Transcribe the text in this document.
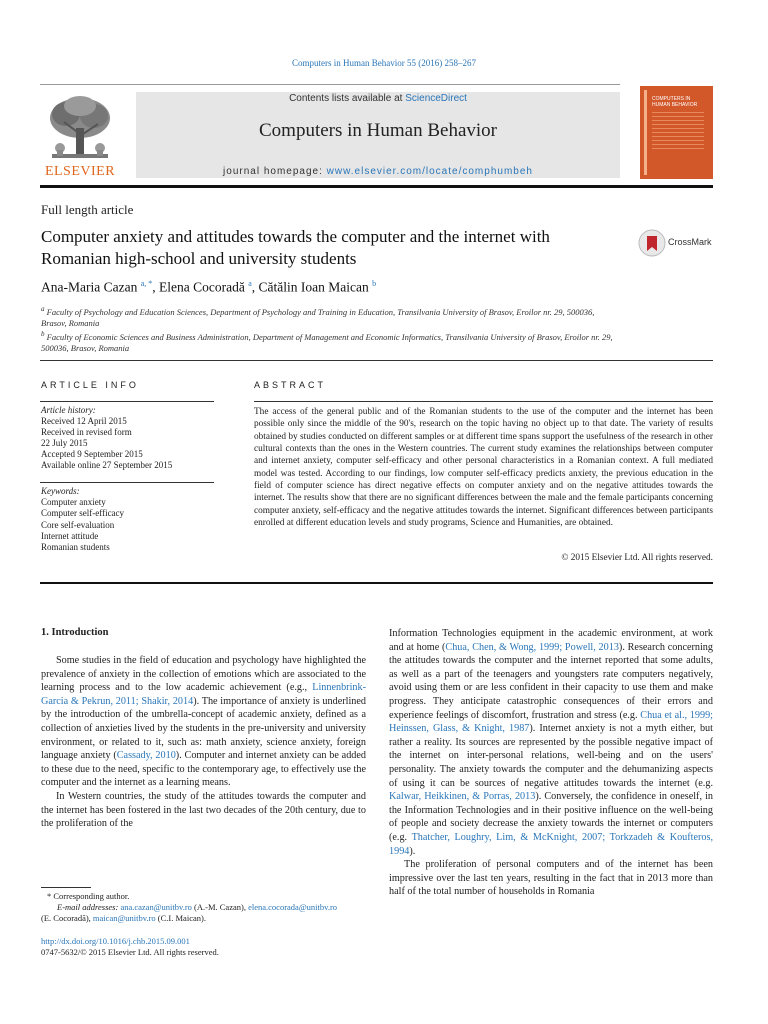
Computers in Human Behavior 55 (2016) 258–267
ELSEVIER
Contents lists available at ScienceDirect
Computers in Human Behavior
journal homepage: www.elsevier.com/locate/comphumbeh
COMPUTERS IN
HUMAN BEHAVIOR
Full length article
Computer anxiety and attitudes towards the computer and the internet with Romanian high-school and university students
CrossMark
Ana-Maria Cazan $^{a, *}$, Elena Cocoradă $^a$, Cătălin Ioan Maican $^b$
$^a$ Faculty of Psychology and Education Sciences, Department of Psychology and Training in Education, Transilvania University of Brasov, Eroilor nr. 29, 500036, Brasov, Romania
$^b$ Faculty of Economic Sciences and Business Administration, Department of Management and Economic Informatics, Transilvania University of Brasov, Eroilor nr. 29, 500036, Brasov, Romania
ARTICLE INFO	ABSTRACT
Article history:
Received 12 April 2015
Received in revised form
22 July 2015
Accepted 9 September 2015
Available online 27 September 2015
Keywords:
Computer anxiety
Computer self-efficacy
Core self-evaluation
Internet attitude
Romanian students
The access of the general public and of the Romanian students to the use of the computer and the internet has been possible only since the middle of the 90's, research on the topic having no object up to that date. The variety of results obtained by studies conducted on different samples or at different time spans support the usefulness of the research in other cultural contexts than the ones in the Western countries. The current study examines the relationships between computer and internet anxiety, computer self-efficacy and other personal characteristics in a Romanian context. A full mediated model was tested. According to our findings, low computer self-efficacy predicts anxiety, the previous education in the field of computer science has direct negative effects on computer anxiety and on the negative attitudes towards the internet. The results show that there are no significant differences between the male and the female participants concerning computer anxiety, self-efficacy and the negative attitudes towards the internet. Significant differences between participants enrolled at different education levels and study programs, Science and Humanities, are obtained.
© 2015 Elsevier Ltd. All rights reserved.
1. Introduction

Some studies in the field of education and psychology have highlighted the prevalence of anxiety in the collection of emotions which are associated to the learning process and to the low academic achievement (e.g., Linnenbrink-Garcia & Pekrun, 2011; Shakir, 2014). The importance of anxiety is underlined by the introduction of the umbrella-concept of academic anxiety, defined as a collection of anxieties lived by the students in the pre-university and university environment, or related to it, such as: math anxiety, science anxiety, foreign language anxiety (Cassady, 2010). Computer and internet anxiety can be added to these due to the need, specific to the contemporary age, to effectively use the computer and the internet as a learning means.

In Western countries, the study of the attitudes towards the computer and the internet has been fostered in the last two decades of the 20th century, due to the proliferation of the

Information Technologies equipment in the academic environment, at work and at home (Chua, Chen, & Wong, 1999; Powell, 2013). Research concerning the attitudes towards the computer and the internet reported that some adults, as well as a part of the teenagers and youngsters rate computers negatively, avoid using them or are less confident in their capacity to use them and make progress. They anticipate catastrophic consequences of their errors and experience feelings of discomfort, frustration and stress (e.g. Chua et al., 1999; Heinssen, Glass, & Knight, 1987). Internet anxiety is not a myth either, but rather a reality. Its sources are represented by the possible negative impact of the internet on inter-personal relations, well-being and on the users' personality. The anxiety towards the computer and the dehumanizing aspects of using it can be sources of negative attitudes towards the internet (e.g. Kalwar, Heikkinen, & Porras, 2013). Conversely, the confidence in oneself, in the Information Technologies and in their positive influence on the well-being of people and society decrease the anxiety towards the internet or computers (e.g. Thatcher, Loughry, Lim, & McKnight, 2007; Torkzadeh & Koufteros, 1994).

The proliferation of personal computers and of the internet has been impressive over the last ten years, resulting in the fact that in 2013 more than half of the total number of households in Romania

* Corresponding author.
E-mail addresses: ana.cazan@unitbv.ro (A.-M. Cazan), elena.cocorada@unitbv.ro
(E. Cocoradă), maican@unitbv.ro (C.I. Maican).
http://dx.doi.org/10.1016/j.chb.2015.09.001
0747-5632/© 2015 Elsevier Ltd. All rights reserved.
